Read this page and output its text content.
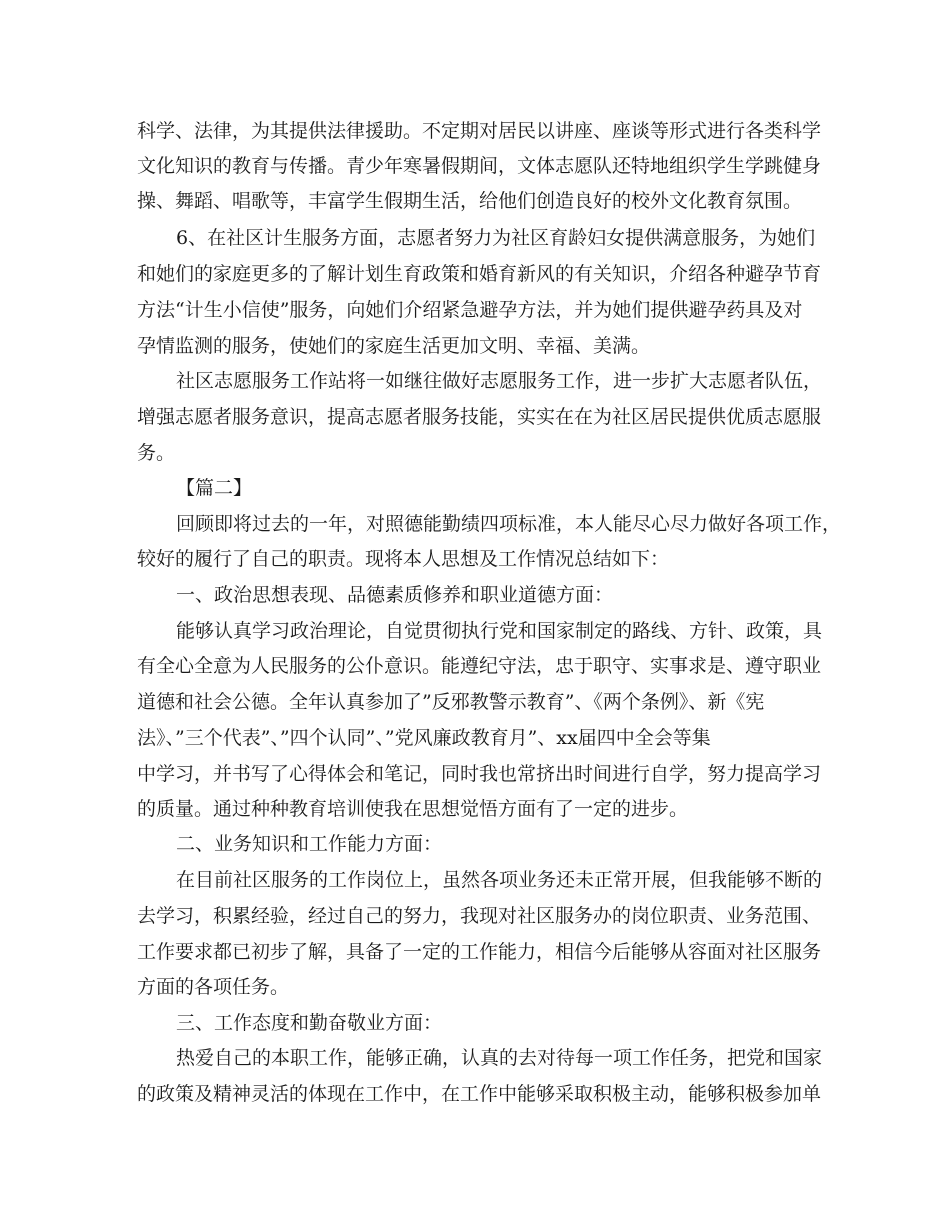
科学、法律，为其提供法律援助。不定期对居民以讲座、座谈等形式进行各类科学
文化知识的教育与传播。青少年寒暑假期间，文体志愿队还特地组织学生学跳健身
操、舞蹈、唱歌等，丰富学生假期生活，给他们创造良好的校外文化教育氛围。
6、在社区计生服务方面，志愿者努力为社区育龄妇女提供满意服务，为她们
和她们的家庭更多的了解计划生育政策和婚育新风的有关知识，介绍各种避孕节育
方法“计生小信使”服务，向她们介绍紧急避孕方法，并为她们提供避孕药具及对
孕情监测的服务，使她们的家庭生活更加文明、幸福、美满。
社区志愿服务工作站将一如继往做好志愿服务工作，进一步扩大志愿者队伍，
增强志愿者服务意识，提高志愿者服务技能，实实在在为社区居民提供优质志愿服
务。
【篇二】
回顾即将过去的一年，对照德能勤绩四项标准，本人能尽心尽力做好各项工作，
较好的履行了自己的职责。现将本人思想及工作情况总结如下：
一、政治思想表现、品德素质修养和职业道德方面：
能够认真学习政治理论，自觉贯彻执行党和国家制定的路线、方针、政策，具
有全心全意为人民服务的公仆意识。能遵纪守法，忠于职守、实事求是、遵守职业
道德和社会公德。全年认真参加了”反邪教警示教育”、《两个条例》、新《宪
法》、”三个代表”、”四个认同”、”党风廉政教育月”、xx届四中全会等集
中学习，并书写了心得体会和笔记，同时我也常挤出时间进行自学，努力提高学习
的质量。通过种种教育培训使我在思想觉悟方面有了一定的进步。
二、业务知识和工作能力方面：
在目前社区服务的工作岗位上，虽然各项业务还未正常开展，但我能够不断的
去学习，积累经验，经过自己的努力，我现对社区服务办的岗位职责、业务范围、
工作要求都已初步了解，具备了一定的工作能力，相信今后能够从容面对社区服务
方面的各项任务。
三、工作态度和勤奋敬业方面：
热爱自己的本职工作，能够正确，认真的去对待每一项工作任务，把党和国家
的政策及精神灵活的体现在工作中，在工作中能够采取积极主动，能够积极参加单
